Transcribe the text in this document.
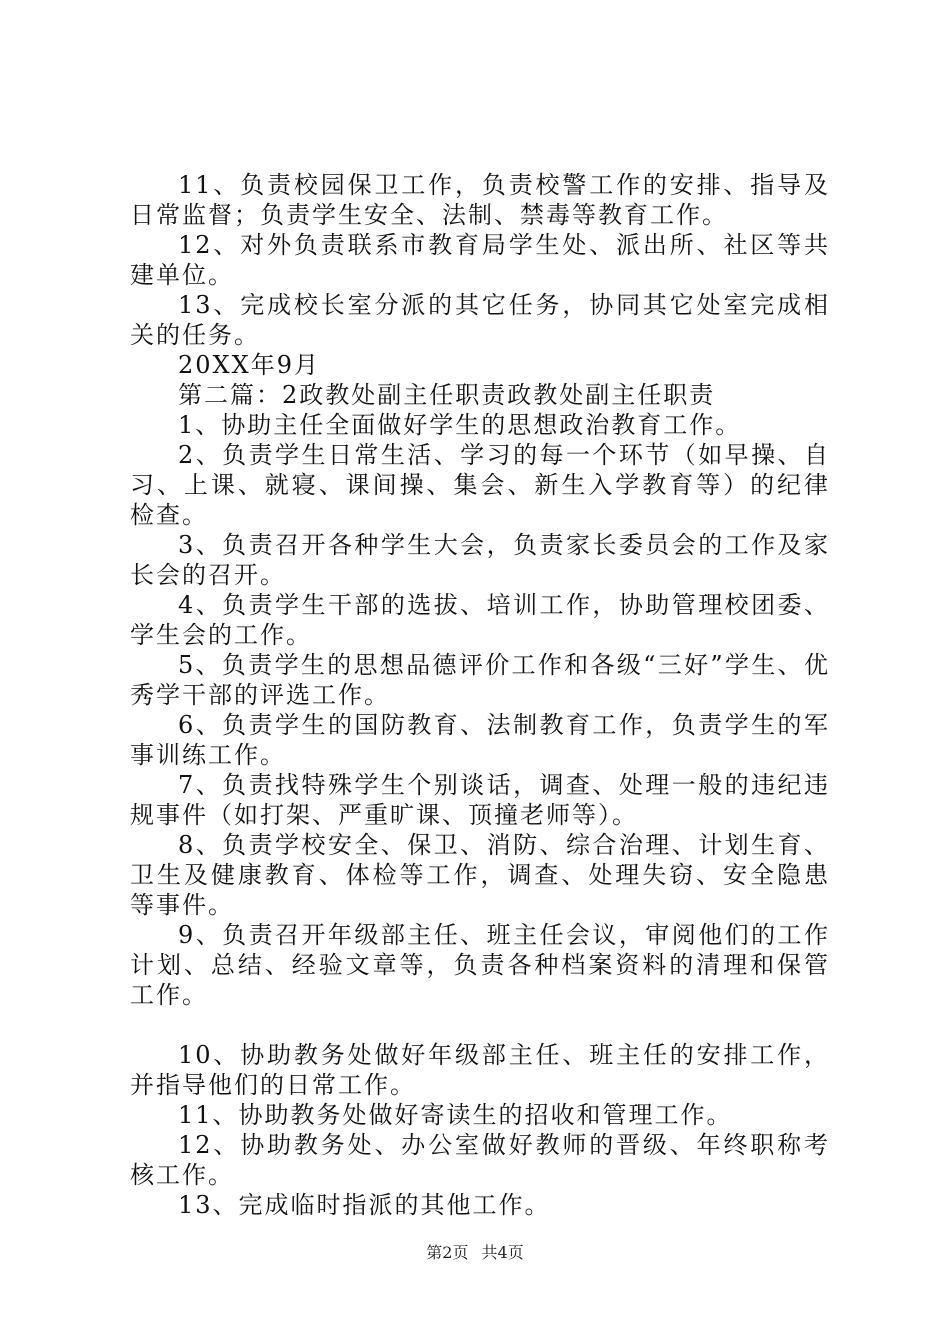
11、负责校园保卫工作，负责校警工作的安排、指导及日常监督；负责学生安全、法制、禁毒等教育工作。

12、对外负责联系市教育局学生处、派出所、社区等共建单位。

13、完成校长室分派的其它任务，协同其它处室完成相关的任务。

20XX年9月

第二篇：2政教处副主任职责政教处副主任职责

1、协助主任全面做好学生的思想政治教育工作。

2、负责学生日常生活、学习的每一个环节（如早操、自习、上课、就寝、课间操、集会、新生入学教育等）的纪律检查。

3、负责召开各种学生大会，负责家长委员会的工作及家长会的召开。

4、负责学生干部的选拔、培训工作，协助管理校团委、学生会的工作。

5、负责学生的思想品德评价工作和各级“三好”学生、优秀学干部的评选工作。

6、负责学生的国防教育、法制教育工作，负责学生的军事训练工作。

7、负责找特殊学生个别谈话，调查、处理一般的违纪违规事件（如打架、严重旷课、顶撞老师等）。

8、负责学校安全、保卫、消防、综合治理、计划生育、卫生及健康教育、体检等工作，调查、处理失窃、安全隐患等事件。

9、负责召开年级部主任、班主任会议，审阅他们的工作计划、总结、经验文章等，负责各种档案资料的清理和保管工作。

10、协助教务处做好年级部主任、班主任的安排工作，并指导他们的日常工作。

11、协助教务处做好寄读生的招收和管理工作。

12、协助教务处、办公室做好教师的晋级、年终职称考核工作。

13、完成临时指派的其他工作。

第2页 共4页
